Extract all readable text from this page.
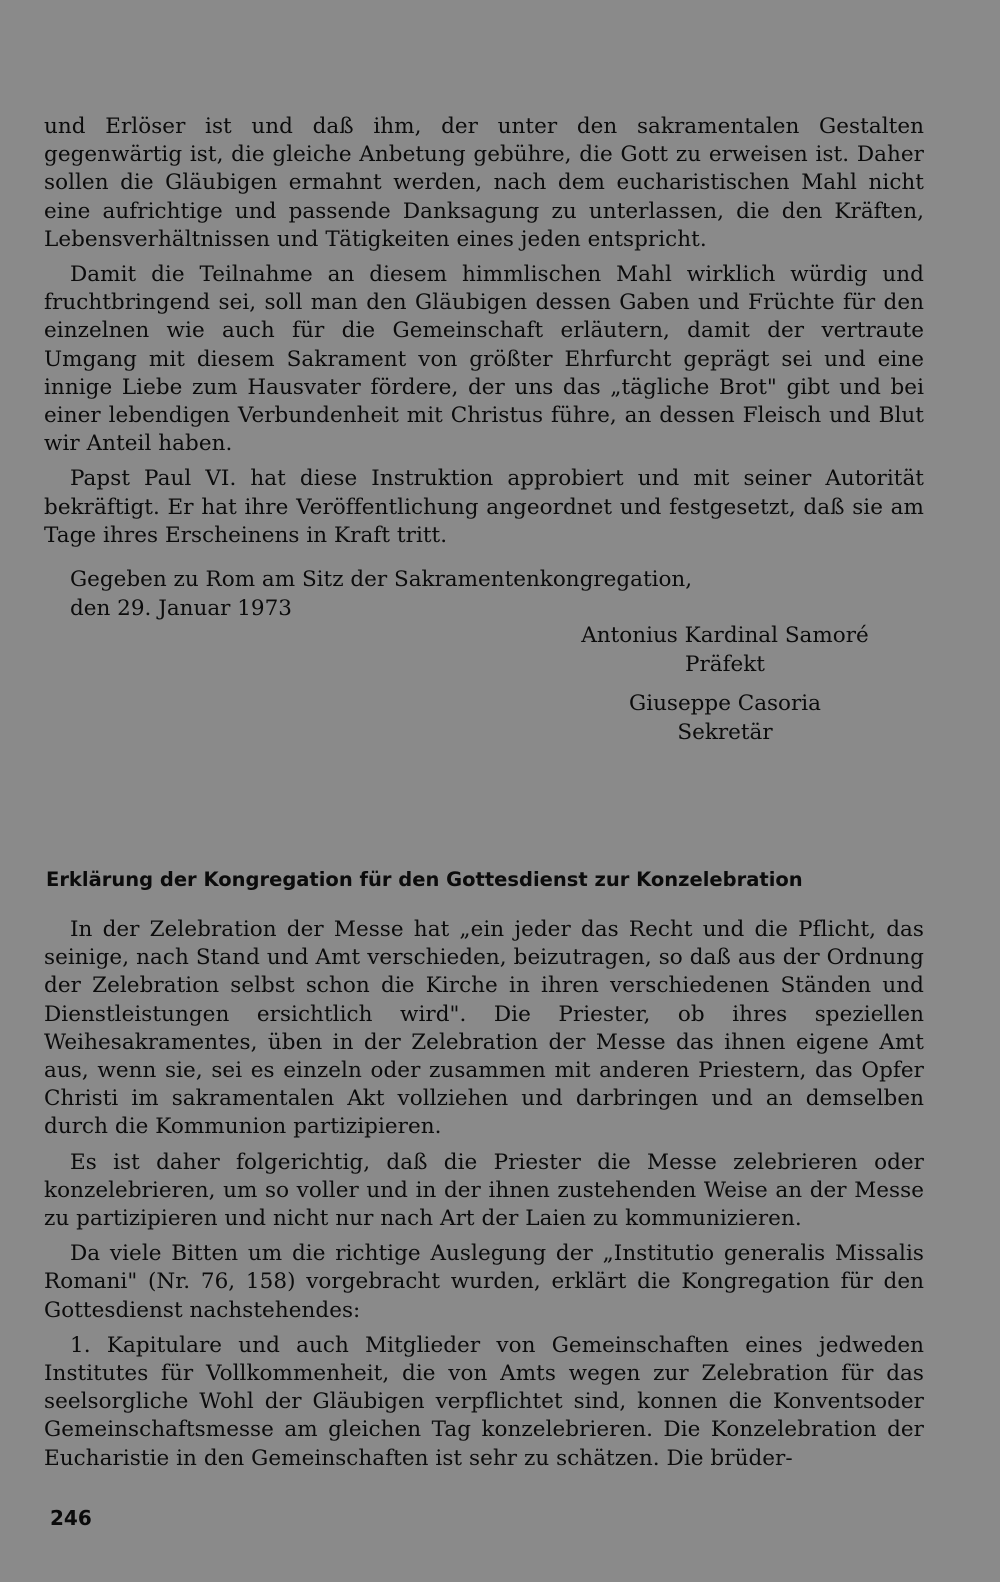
und Erlöser ist und daß ihm, der unter den sakramentalen Gestalten gegenwärtig ist, die gleiche Anbetung gebühre, die Gott zu erweisen ist. Daher sollen die Gläubigen ermahnt werden, nach dem eucharistischen Mahl nicht eine aufrichtige und passende Danksagung zu unterlassen, die den Kräften, Lebensverhältnissen und Tätigkeiten eines jeden entspricht.

Damit die Teilnahme an diesem himmlischen Mahl wirklich würdig und fruchtbringend sei, soll man den Gläubigen dessen Gaben und Früchte für den einzelnen wie auch für die Gemeinschaft erläutern, damit der vertraute Umgang mit diesem Sakrament von größter Ehrfurcht geprägt sei und eine innige Liebe zum Hausvater fördere, der uns das „tägliche Brot" gibt und bei einer lebendigen Verbundenheit mit Christus führe, an dessen Fleisch und Blut wir Anteil haben.

Papst Paul VI. hat diese Instruktion approbiert und mit seiner Autorität bekräftigt. Er hat ihre Veröffentlichung angeordnet und festgesetzt, daß sie am Tage ihres Erscheinens in Kraft tritt.

Gegeben zu Rom am Sitz der Sakramentenkongregation,
den 29. Januar 1973
Antonius Kardinal Samoré
Präfekt
Giuseppe Casoria
Sekretär
Erklärung der Kongregation für den Gottesdienst zur Konzelebration

In der Zelebration der Messe hat „ein jeder das Recht und die Pflicht, das seinige, nach Stand und Amt verschieden, beizutragen, so daß aus der Ordnung der Zelebration selbst schon die Kirche in ihren verschiedenen Ständen und Dienstleistungen ersichtlich wird". Die Priester, ob ihres speziellen Weihesakramentes, üben in der Zelebration der Messe das ihnen eigene Amt aus, wenn sie, sei es einzeln oder zusammen mit anderen Priestern, das Opfer Christi im sakramentalen Akt vollziehen und darbringen und an demselben durch die Kommunion partizipieren.

Es ist daher folgerichtig, daß die Priester die Messe zelebrieren oder konzelebrieren, um so voller und in der ihnen zustehenden Weise an der Messe zu partizipieren und nicht nur nach Art der Laien zu kommunizieren.

Da viele Bitten um die richtige Auslegung der „Institutio generalis Missalis Romani" (Nr. 76, 158) vorgebracht wurden, erklärt die Kongregation für den Gottesdienst nachstehendes:

1. Kapitulare und auch Mitglieder von Gemeinschaften eines jedweden Institutes für Vollkommenheit, die von Amts wegen zur Zelebration für das seelsorgliche Wohl der Gläubigen verpflichtet sind, konnen die Konventsoder Gemeinschaftsmesse am gleichen Tag konzelebrieren. Die Konzelebration der Eucharistie in den Gemeinschaften ist sehr zu schätzen. Die brüder-

246
